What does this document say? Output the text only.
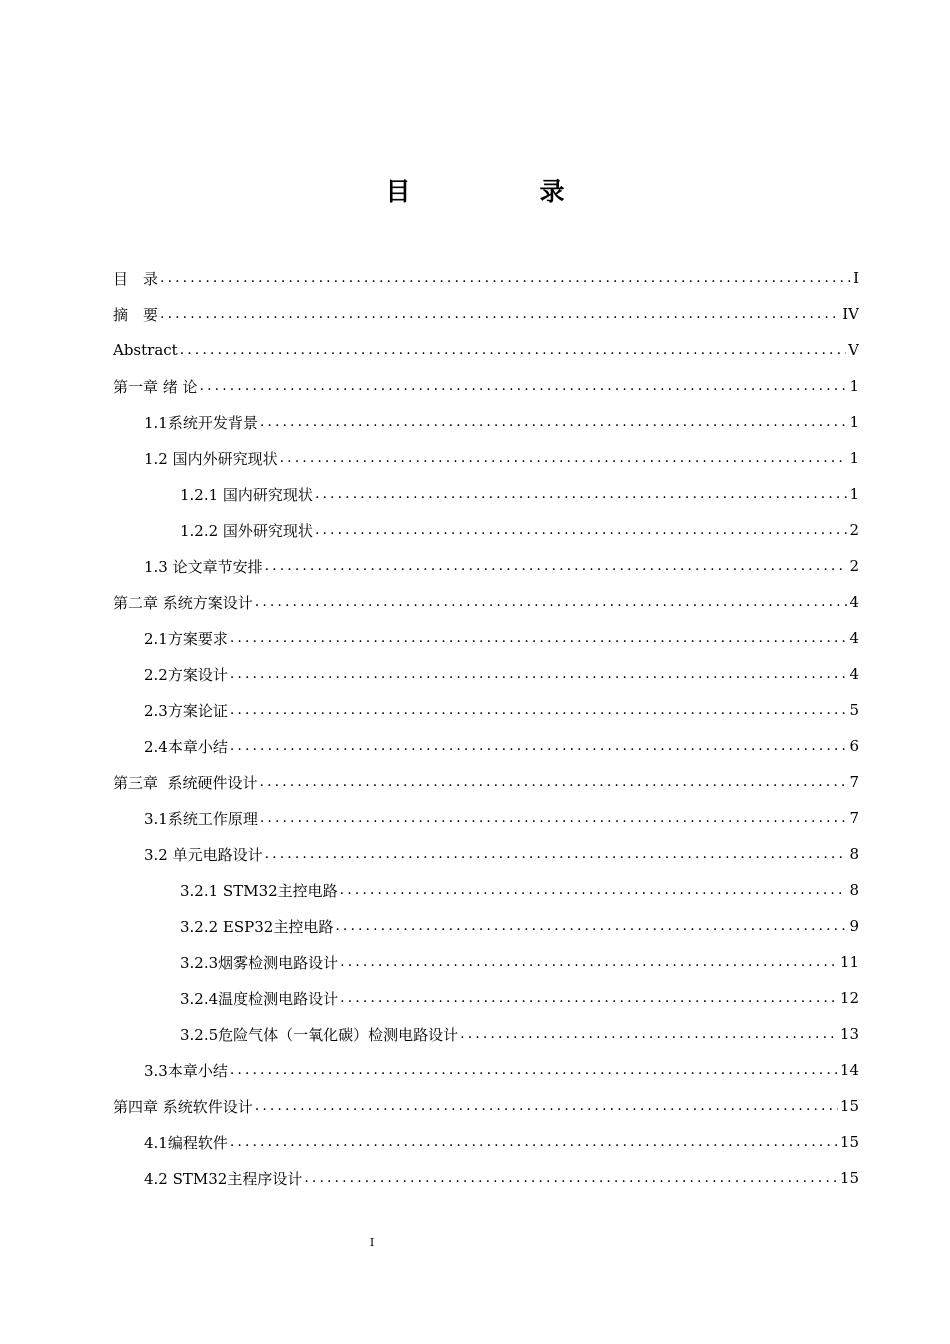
目　录
目　录 .....	I
摘　要 .....	IV
Abstract .....	V
第一章 绪 论 .....	1
1.1系统开发背景 .....	1
1.2 国内外研究现状 .....	1
1.2.1 国内研究现状 .....	1
1.2.2 国外研究现状 .....	2
1.3 论文章节安排 .....	2
第二章 系统方案设计 .....	4
2.1方案要求 .....	4
2.2方案设计 .....	4
2.3方案论证 .....	5
2.4本章小结 .....	6
第三章  系统硬件设计 .....	7
3.1系统工作原理 .....	7
3.2 单元电路设计 .....	8
3.2.1 STM32主控电路 .....	8
3.2.2 ESP32主控电路 .....	9
3.2.3烟雾检测电路设计 .....	11
3.2.4温度检测电路设计 .....	12
3.2.5危险气体（一氧化碳）检测电路设计 .....	13
3.3本章小结 .....	14
第四章 系统软件设计 .....	15
4.1编程软件 .....	15
4.2 STM32主程序设计 .....	15
I
